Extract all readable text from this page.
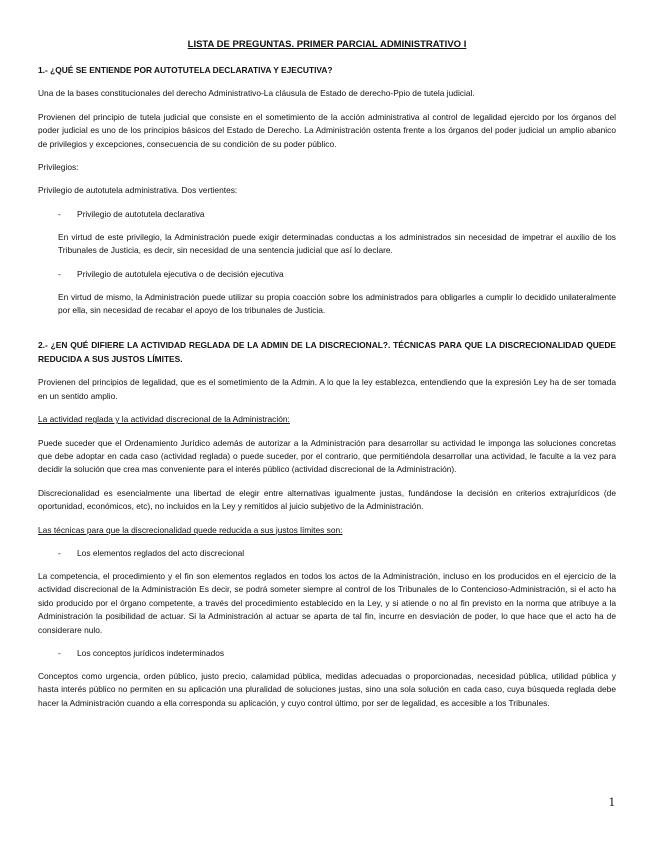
LISTA DE PREGUNTAS. PRIMER PARCIAL ADMINISTRATIVO I

1.- ¿QUÉ SE ENTIENDE POR AUTOTUTELA DECLARATIVA Y EJECUTIVA?

Una de la bases constitucionales del derecho Administrativo-La cláusula de Estado de derecho-Ppio de tutela judicial.

Provienen del principio de tutela judicial que consiste en el sometimiento de la acción administrativa al control de legalidad ejercido por los órganos del poder judicial es uno de los principios básicos del Estado de Derecho. La Administración ostenta frente a los órganos del poder judicial un amplio abanico de privilegios y excepciones, consecuencia de su condición de su poder público.

Privilegios:

Privilegio de autotutela administrativa. Dos vertientes:

-	Privilegio de autotutela declarativa

En virtud de este privilegio, la Administración puede exigir determinadas conductas a los administrados sin necesidad de impetrar el auxilio de los Tribunales de Justicia, es decir, sin necesidad de una sentencia judicial que así lo declare.

-	Privilegio de autotulela ejecutiva o de decisión ejecutiva

En virtud de mismo, la Administración puede utilizar su propia coacción sobre los administrados para obligarles a cumplir lo decidido unilateralmente por ella, sin necesidad de recabar el apoyo de los tribunales de Justicia.

2.- ¿EN QUÉ DIFIERE LA ACTIVIDAD REGLADA DE LA ADMIN DE LA DISCRECIONAL?. TÉCNICAS PARA QUE LA DISCRECIONALIDAD QUEDE REDUCIDA A SUS JUSTOS LÍMITES.

Provienen del principios de legalidad, que es el sometimiento de la Admin. A lo que la ley establezca, entendiendo que la expresión Ley ha de ser tomada en un sentido amplio.

La actividad reglada y la actividad discrecional de la Administración:

Puede suceder que el Ordenamiento Jurídico además de autorizar a la Administración para desarrollar su actividad le imponga las soluciones concretas que debe adoptar en cada caso (actividad reglada) o puede suceder, por el contrario, que permitiéndola desarrollar una actividad, le faculte a la vez para decidir la solución que crea mas conveniente para el interés público (actividad discrecional de la Administración).

Discrecionalidad es esencialmente una libertad de elegir entre alternativas igualmente justas, fundándose la decisión en criterios extrajurídicos (de oportunidad, económicos, etc), no incluidos en la Ley y remitidos al juicio subjetivo de la Administración.

Las técnicas para que la discrecionalidad quede reducida a sus justos límites son:

-	Los elementos reglados del acto discrecional

La competencia, el procedimiento y el fin son elementos reglados en todos los actos de la Administración, incluso en los producidos en el ejercicio de la actividad discrecional de la Administración Es decir, se podrá someter siempre al control de los Tribunales de lo Contencioso-Administración, si el acto ha sido producido por el órgano competente, a través del procedimiento establecido en la Ley, y si atiende o no al fin previsto en la norma que atribuye a la Administración la posibilidad de actuar. Si la Administración al actuar se aparta de tal fin, incurre en desviación de poder, lo que hace que el acto ha de considerare nulo.

-	Los conceptos jurídicos indeterminados

Conceptos como urgencia, orden público, justo precio, calamidad pública, medidas adecuadas o proporcionadas, necesidad pública, utilidad pública y hasta interés público no permiten en su aplicación una pluralidad de soluciones justas, sino una sola solución en cada caso, cuya búsqueda reglada debe hacer la Administración cuando a ella corresponda su aplicación, y cuyo control último, por ser de legalidad, es accesible a los Tribunales.

1
